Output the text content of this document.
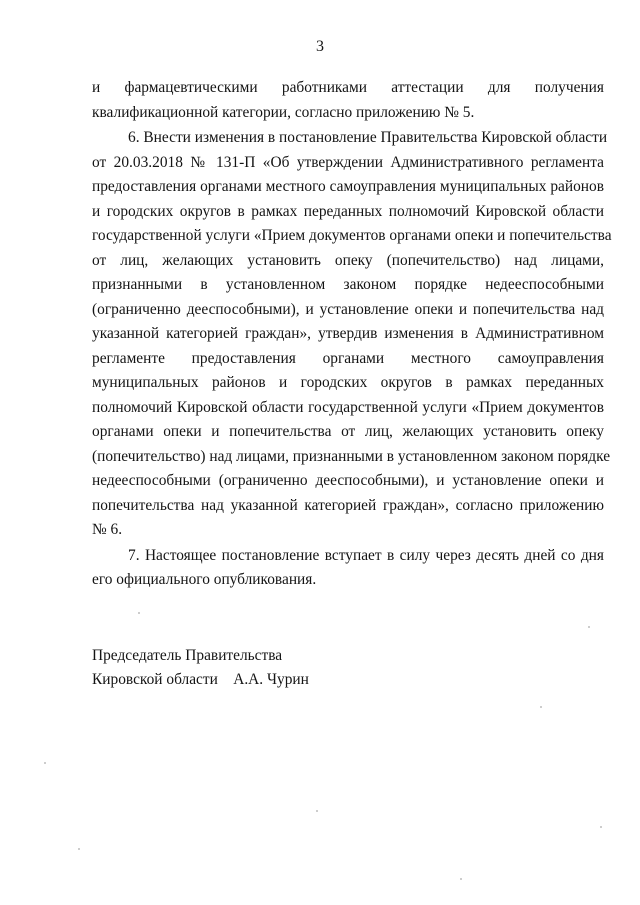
3

и фармацевтическими работниками аттестации для получения
квалификационной категории, согласно приложению № 5.

6. Внести изменения в постановление Правительства Кировской области
от 20.03.2018 № 131-П «Об утверждении Административного регламента
предоставления органами местного самоуправления муниципальных районов
и городских округов в рамках переданных полномочий Кировской области
государственной услуги «Прием документов органами опеки и попечительства
от лиц, желающих установить опеку (попечительство) над лицами,
признанными в установленном законом порядке недееспособными
(ограниченно дееспособными), и установление опеки и попечительства над
указанной категорией граждан», утвердив изменения в Административном
регламенте предоставления органами местного самоуправления
муниципальных районов и городских округов в рамках переданных
полномочий Кировской области государственной услуги «Прием документов
органами опеки и попечительства от лиц, желающих установить опеку
(попечительство) над лицами, признанными в установленном законом порядке
недееспособными (ограниченно дееспособными), и установление опеки и
попечительства над указанной категорией граждан», согласно приложению
№ 6.

7. Настоящее постановление вступает в силу через десять дней со дня
его официального опубликования.

Председатель Правительства
Кировской области А.А. Чурин
